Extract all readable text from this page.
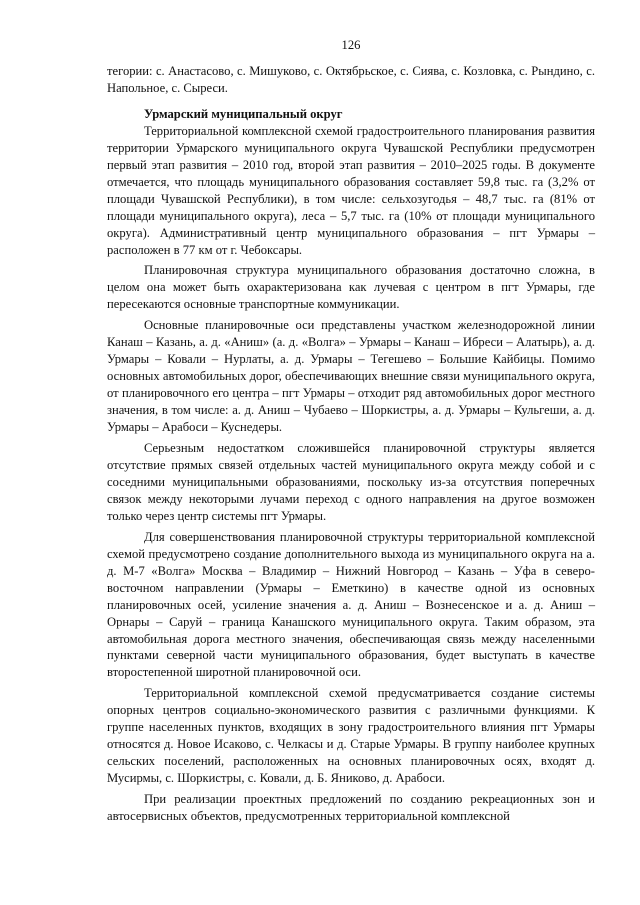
126

тегории: с. Анастасово, с. Мишуково, с. Октябрьское, с. Сиява, с. Козловка, с. Рындино, с. Напольное, с. Сыреси.

Урмарский муниципальный округ

Территориальной комплексной схемой градостроительного планирования развития территории Урмарского муниципального округа Чувашской Республики предусмотрен первый этап развития – 2010 год, второй этап развития – 2010–2025 годы. В документе отмечается, что площадь муниципального образования составляет 59,8 тыс. га (3,2% от площади Чувашской Республики), в том числе: сельхозугодья – 48,7 тыс. га (81% от площади муниципального округа), леса – 5,7 тыс. га (10% от площади муниципального округа). Административный центр муниципального образования – пгт Урмары – расположен в 77 км от г. Чебоксары.

Планировочная структура муниципального образования достаточно сложна, в целом она может быть охарактеризована как лучевая с центром в пгт Урмары, где пересекаются основные транспортные коммуникации.

Основные планировочные оси представлены участком железнодорожной линии Канаш – Казань, а. д. «Аниш» (а. д. «Волга» – Урмары – Канаш – Ибреси – Алатырь), а. д. Урмары – Ковали – Нурлаты, а. д. Урмары – Тегешево – Большие Кайбицы. Помимо основных автомобильных дорог, обеспечивающих внешние связи муниципального округа, от планировочного его центра – пгт Урмары – отходит ряд автомобильных дорог местного значения, в том числе: а. д. Аниш – Чубаево – Шоркистры, а. д. Урмары – Кульгеши, а. д. Урмары – Арабоси – Куснедеры.

Серьезным недостатком сложившейся планировочной структуры является отсутствие прямых связей отдельных частей муниципального округа между собой и с соседними муниципальными образованиями, поскольку из-за отсутствия поперечных связок между некоторыми лучами переход с одного направления на другое возможен только через центр системы пгт Урмары.

Для совершенствования планировочной структуры территориальной комплексной схемой предусмотрено создание дополнительного выхода из муниципального округа на а. д. М-7 «Волга» Москва – Владимир – Нижний Новгород – Казань – Уфа в северо-восточном направлении (Урмары – Еметкино) в качестве одной из основных планировочных осей, усиление значения а. д. Аниш – Вознесенское и а. д. Аниш – Орнары – Саруй – граница Канашского муниципального округа. Таким образом, эта автомобильная дорога местного значения, обеспечивающая связь между населенными пунктами северной части муниципального образования, будет выступать в качестве второстепенной широтной планировочной оси.

Территориальной комплексной схемой предусматривается создание системы опорных центров социально-экономического развития с различными функциями. К группе населенных пунктов, входящих в зону градостроительного влияния пгт Урмары относятся д. Новое Исаково, с. Челкасы и д. Старые Урмары. В группу наиболее крупных сельских поселений, расположенных на основных планировочных осях, входят д. Мусирмы, с. Шоркистры, с. Ковали, д. Б. Яниково, д. Арабоси.

При реализации проектных предложений по созданию рекреационных зон и автосервисных объектов, предусмотренных территориальной комплексной
